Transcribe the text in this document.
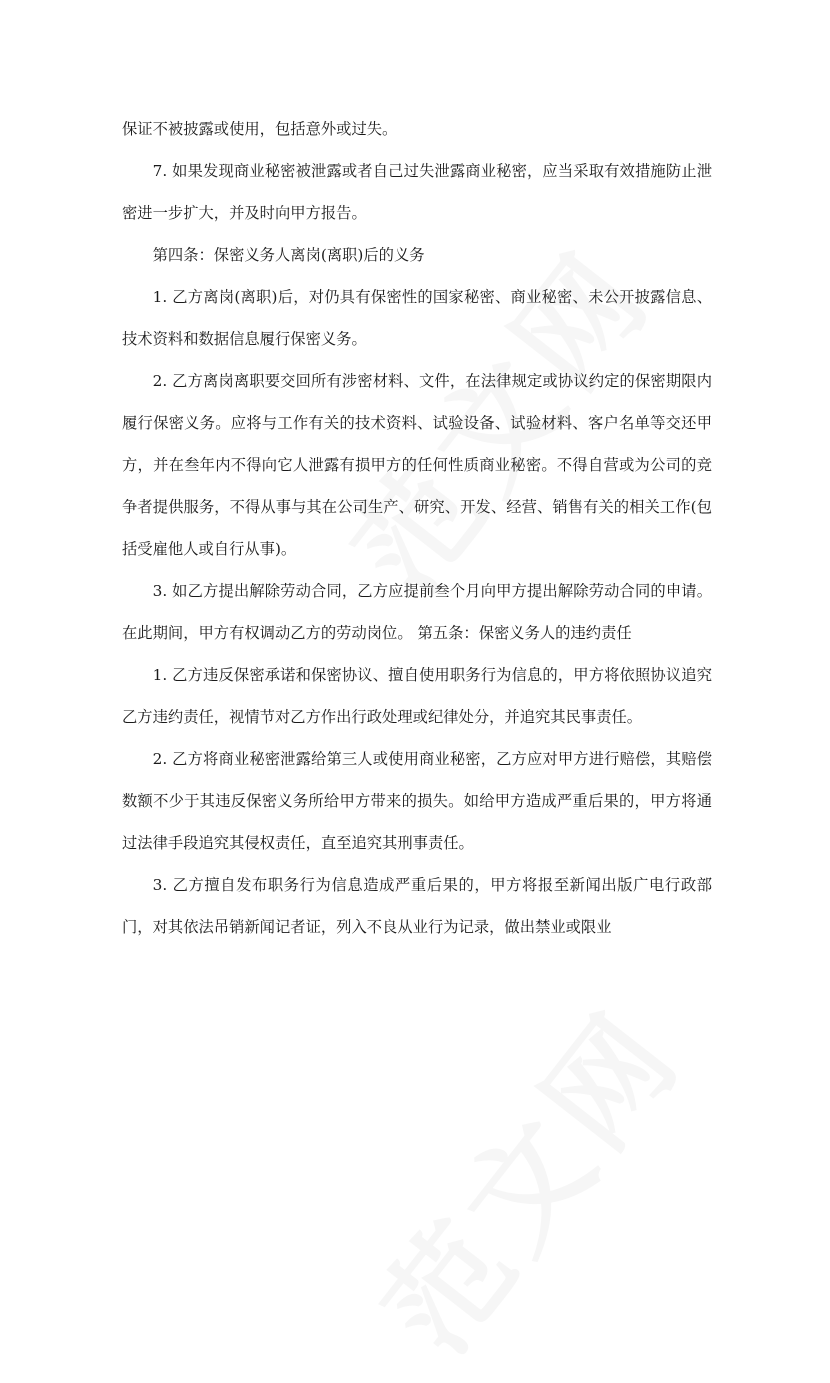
保证不被披露或使用，包括意外或过失。

7. 如果发现商业秘密被泄露或者自己过失泄露商业秘密，应当采取有效措施防止泄密进一步扩大，并及时向甲方报告。

第四条：保密义务人离岗(离职)后的义务

1. 乙方离岗(离职)后，对仍具有保密性的国家秘密、商业秘密、未公开披露信息、技术资料和数据信息履行保密义务。

2. 乙方离岗离职要交回所有涉密材料、文件，在法律规定或协议约定的保密期限内履行保密义务。应将与工作有关的技术资料、试验设备、试验材料、客户名单等交还甲方，并在叁年内不得向它人泄露有损甲方的任何性质商业秘密。不得自营或为公司的竞争者提供服务，不得从事与其在公司生产、研究、开发、经营、销售有关的相关工作(包括受雇他人或自行从事)。

3. 如乙方提出解除劳动合同，乙方应提前叁个月向甲方提出解除劳动合同的申请。在此期间，甲方有权调动乙方的劳动岗位。 第五条：保密义务人的违约责任

1. 乙方违反保密承诺和保密协议、擅自使用职务行为信息的，甲方将依照协议追究乙方违约责任，视情节对乙方作出行政处理或纪律处分，并追究其民事责任。

2. 乙方将商业秘密泄露给第三人或使用商业秘密，乙方应对甲方进行赔偿，其赔偿数额不少于其违反保密义务所给甲方带来的损失。如给甲方造成严重后果的，甲方将通过法律手段追究其侵权责任，直至追究其刑事责任。

3. 乙方擅自发布职务行为信息造成严重后果的，甲方将报至新闻出版广电行政部门，对其依法吊销新闻记者证，列入不良从业行为记录，做出禁业或限业
